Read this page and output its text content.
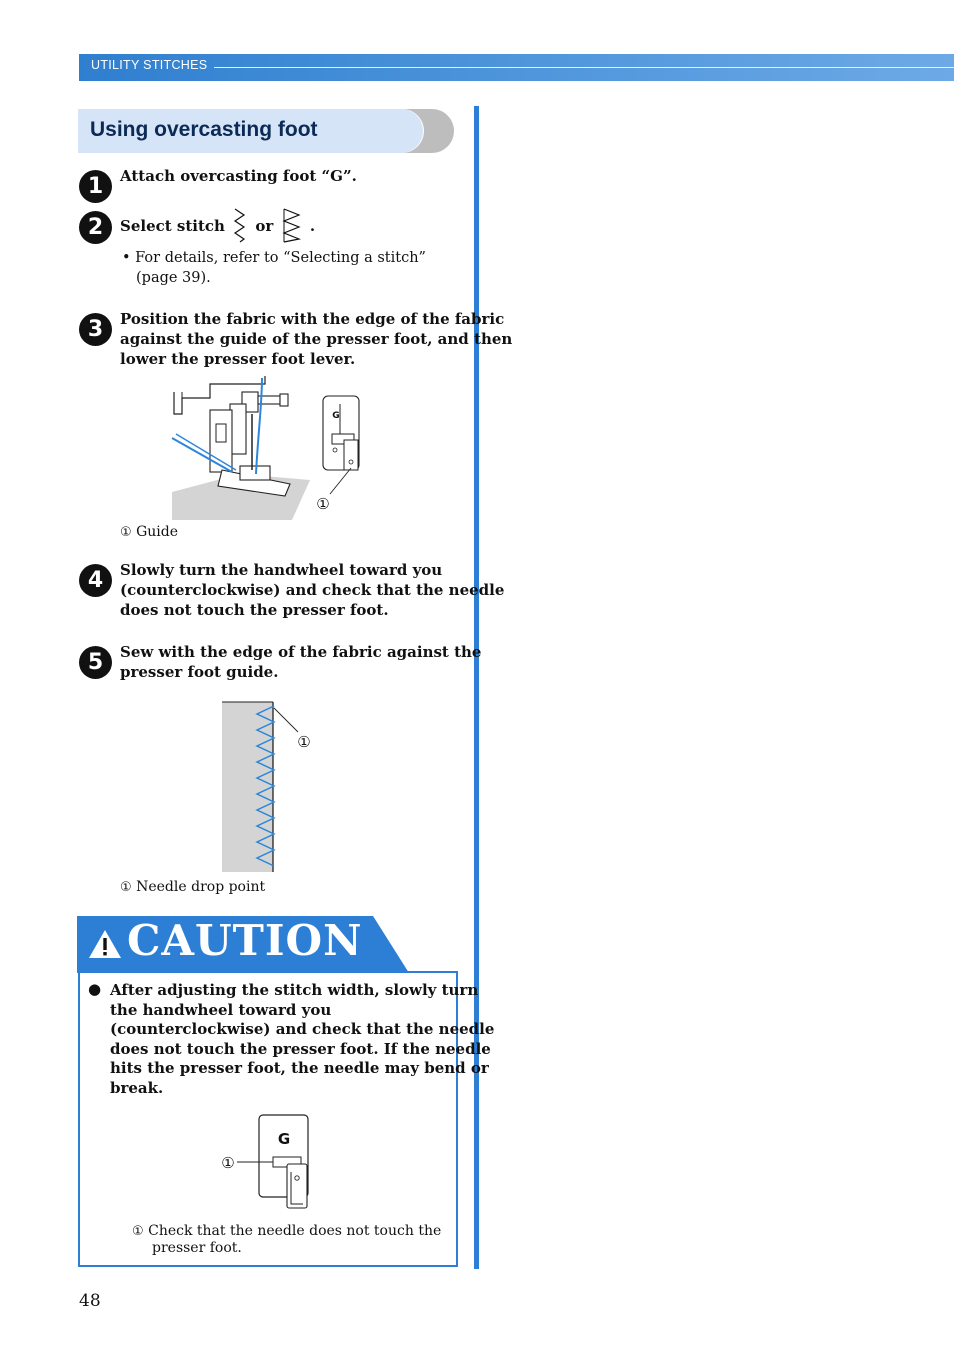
UTILITY STITCHES
Using overcasting foot
1	Attach overcasting foot “G”.
2	Select stitch or .
• For details, refer to “Selecting a stitch”
(page 39).
3	Position the fabric with the edge of the fabric
against the guide of the presser foot, and then
lower the presser foot lever.
G
①
① Guide
4	Slowly turn the handwheel toward you
(counterclockwise) and check that the needle
does not touch the presser foot.
5	Sew with the edge of the fabric against the
presser foot guide.
①
① Needle drop point
CAUTION
● After adjusting the stitch width, slowly turn
the handwheel toward you
(counterclockwise) and check that the needle
does not touch the presser foot. If the needle
hits the presser foot, the needle may bend or
break.
G
①
① Check that the needle does not touch the
presser foot.
48
